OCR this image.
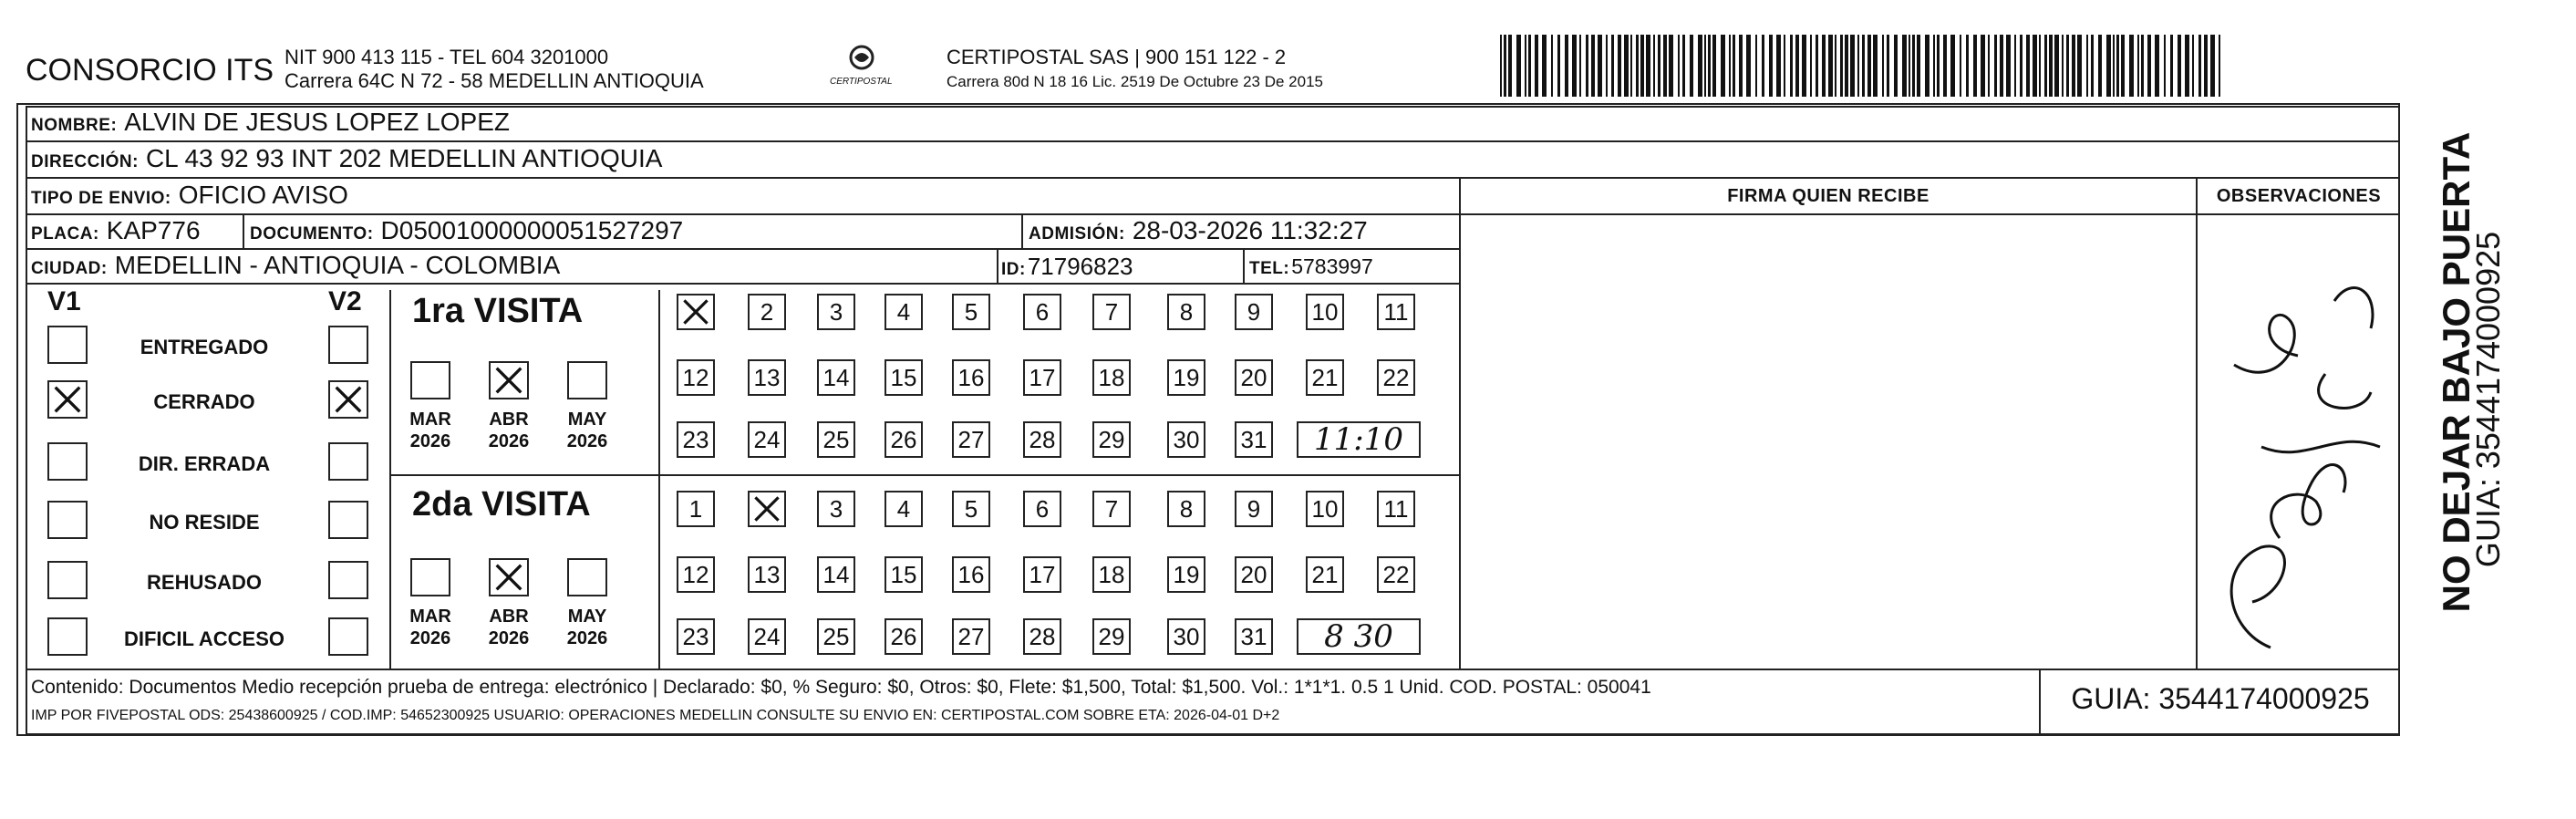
CONSORCIO ITS NIT 900 413 115 - TEL 604 3201000
Carrera 64C N 72 - 58 MEDELLIN ANTIOQUIA	CERTIPOSTAL
CERTIPOSTAL SAS | 900 151 122 - 2
Carrera 80d N 18 16 Lic. 2519 De Octubre 23 De 2015
NOMBRE: ALVIN DE JESUS LOPEZ LOPEZ
DIRECCIÓN: CL 43 92 93 INT 202 MEDELLIN ANTIOQUIA
TIPO DE ENVIO: OFICIO AVISO
PLACA: KAP776	DOCUMENTO: D05001000000051527297	ADMISIÓN: 28-03-2026 11:32:27
CIUDAD: MEDELLIN - ANTIOQUIA - COLOMBIA	ID: 71796823	TEL: 5783997
FIRMA QUIEN RECIBE	OBSERVACIONES
V1	V2
ENTREGADO
CERRADO
DIR. ERRADA
NO RESIDE
REHUSADO
DIFICIL ACCESO
1ra VISITA
2da VISITA
MAR
2026
ABR
2026
MAY
2026
2	3	4	5	6	7	8	9	10 11
12 13 14 15 16 17 18 19 20 21 22
23 24 25 26 27 28 29 30 31	11:10
MAR
2026
ABR
2026
MAY
2026
1	3	4	5	6	7	8	9	10 11
12 13 14 15 16 17 18 19 20 21 22
23 24 25 26 27 28 29 30 31	8 30
Contenido: Documentos Medio recepción prueba de entrega: electrónico | Declarado: $0, % Seguro: $0, Otros: $0, Flete: $1,500, Total: $1,500. Vol.: 1*1*1. 0.5 1 Unid. COD. POSTAL: 050041
IMP POR FIVEPOSTAL ODS: 25438600925 / COD.IMP: 54652300925 USUARIO: OPERACIONES MEDELLIN CONSULTE SU ENVIO EN: CERTIPOSTAL.COM SOBRE ETA: 2026-04-01 D+2
GUIA: 3544174000925
NO DEJAR BAJO PUERTA
GUIA: 3544174000925
